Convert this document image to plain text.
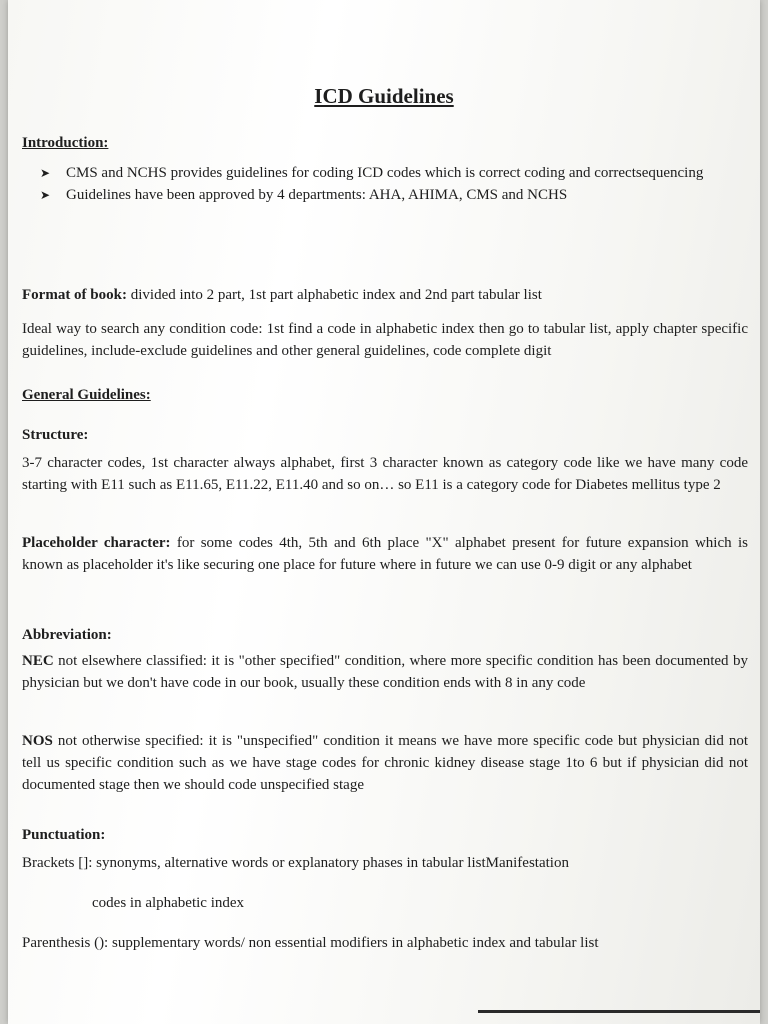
ICD Guidelines
Introduction:
➤ CMS and NCHS provides guidelines for coding ICD codes which is correct coding and correctsequencing
➤ Guidelines have been approved by 4 departments: AHA, AHIMA, CMS and NCHS
Format of book: divided into 2 part, 1st part alphabetic index and 2nd part tabular list
Ideal way to search any condition code: 1st find a code in alphabetic index then go to tabular list, apply chapter specific guidelines, include-exclude guidelines and other general guidelines, code complete digit
General Guidelines:
Structure:
3-7 character codes, 1st character always alphabet, first 3 character known as category code like we have many code starting with E11 such as E11.65, E11.22, E11.40 and so on… so E11 is a category code for Diabetes mellitus type 2
Placeholder character: for some codes 4th, 5th and 6th place "X" alphabet present for future expansion which is known as placeholder it's like securing one place for future where in future we can use 0-9 digit or any alphabet
Abbreviation:
NEC not elsewhere classified: it is "other specified" condition, where more specific condition has been documented by physician but we don't have code in our book, usually these condition ends with 8 in any code
NOS not otherwise specified: it is "unspecified" condition it means we have more specific code but physician did not tell us specific condition such as we have stage codes for chronic kidney disease stage 1to 6 but if physician did not documented stage then we should code unspecified stage
Punctuation:
Brackets []: synonyms, alternative words or explanatory phases in tabular listManifestation
codes in alphabetic index
Parenthesis (): supplementary words/ non essential modifiers in alphabetic index and tabular list
